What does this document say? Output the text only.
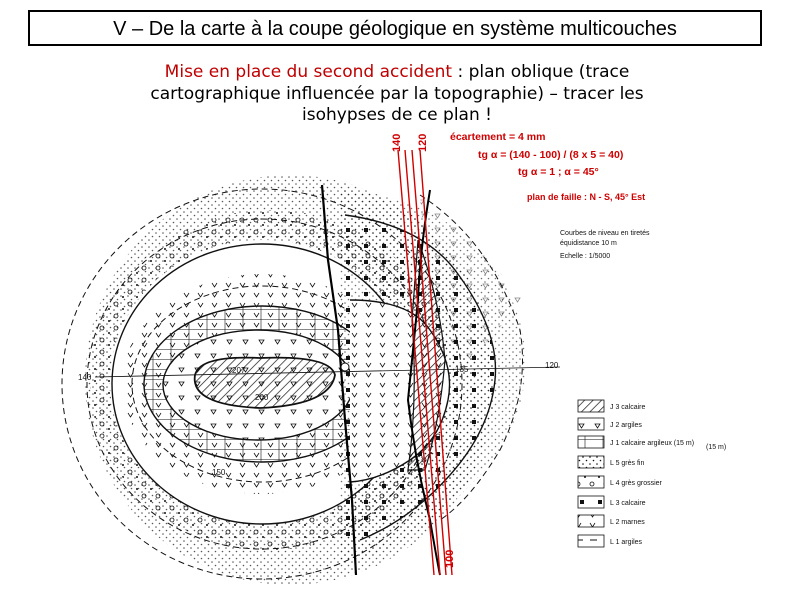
V – De la carte à la coupe géologique en système multicouches
Mise en place du second accident : plan oblique (trace
cartographique influencée par la topographie) – tracer les
isohypses de ce plan !
140 120
100
écartement = 4 mm
tg α = (140 - 100) / (8 x 5 = 40)
tg α = 1 ; α = 45°
plan de faille : N - S, 45° Est
Courbes de niveau en tiretés
équidistance 10 m
Echelle : 1/5000
140
120
207
200
135
150
J 3 calcaire
J 2 argiles
J 1 calcaire argileux (15 m)
(15 m)
L 5 grès fin
L 4 grès grossier
L 3 calcaire
L 2 marnes
L 1 argiles
